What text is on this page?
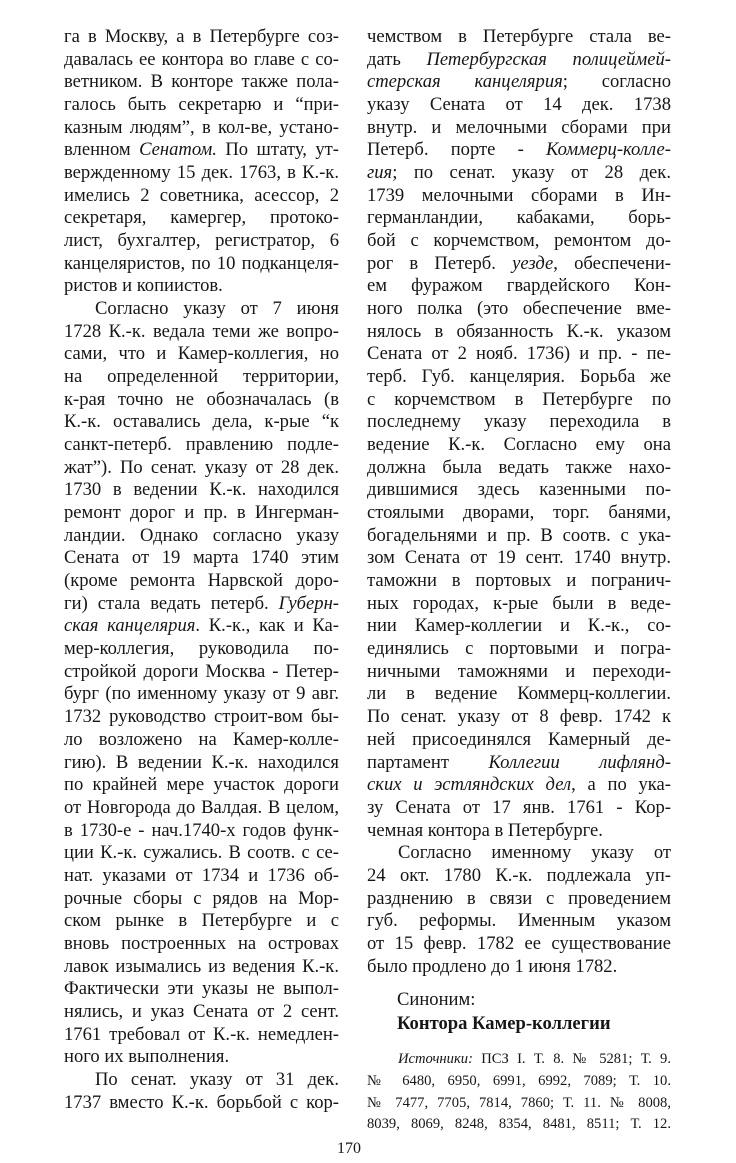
га в Москву, а в Петербурге соз-
давалась ее контора во главе с со-
ветником. В конторе также пола-
галось быть секретарю и “при-
казным людям”, в кол-ве, устано-
вленном Сенатом. По штату, ут-
вержденному 15 дек. 1763, в К.-к.
имелись 2 советника, асессор, 2
секретаря, камергер, протоко-
лист, бухгалтер, регистратор, 6
канцеляристов, по 10 подканцеля-
ристов и копиистов.
Согласно указу от 7 июня
1728 К.-к. ведала теми же вопро-
сами, что и Камер-коллегия, но
на определенной территории,
к-рая точно не обозначалась (в
К.-к. оставались дела, к-рые “к
санкт-петерб. правлению подле-
жат”). По сенат. указу от 28 дек.
1730 в ведении К.-к. находился
ремонт дорог и пр. в Ингерман-
ландии. Однако согласно указу
Сената от 19 марта 1740 этим
(кроме ремонта Нарвской доро-
ги) стала ведать петерб. Губерн-
ская канцелярия. К.-к., как и Ка-
мер-коллегия, руководила по-
стройкой дороги Москва - Петер-
бург (по именному указу от 9 авг.
1732 руководство строит-вом бы-
ло возложено на Камер-колле-
гию). В ведении К.-к. находился
по крайней мере участок дороги
от Новгорода до Валдая. В целом,
в 1730-е - нач.1740-х годов функ-
ции К.-к. сужались. В соотв. с се-
нат. указами от 1734 и 1736 об-
рочные сборы с рядов на Мор-
ском рынке в Петербурге и с
вновь построенных на островах
лавок изымались из ведения К.-к.
Фактически эти указы не выпол-
нялись, и указ Сената от 2 сент.
1761 требовал от К.-к. немедлен-
ного их выполнения.
По сенат. указу от 31 дек.
1737 вместо К.-к. борьбой с кор-
чемством в Петербурге стала ве-
дать Петербургская полицеймей-
стерская канцелярия; согласно
указу Сената от 14 дек. 1738
внутр. и мелочными сборами при
Петерб. порте - Коммерц-колле-
гия; по сенат. указу от 28 дек.
1739 мелочными сборами в Ин-
германландии, кабаками, борь-
бой с корчемством, ремонтом до-
рог в Петерб. уезде, обеспечени-
ем фуражом гвардейского Кон-
ного полка (это обеспечение вме-
нялось в обязанность К.-к. указом
Сената от 2 нояб. 1736) и пр. - пе-
терб. Губ. канцелярия. Борьба же
с корчемством в Петербурге по
последнему указу переходила в
ведение К.-к. Согласно ему она
должна была ведать также нахо-
дившимися здесь казенными по-
стоялыми дворами, торг. банями,
богадельнями и пр. В соотв. с ука-
зом Сената от 19 сент. 1740 внутр.
таможни в портовых и погранич-
ных городах, к-рые были в веде-
нии Камер-коллегии и К.-к., со-
единялись с портовыми и погра-
ничными таможнями и переходи-
ли в ведение Коммерц-коллегии.
По сенат. указу от 8 февр. 1742 к
ней присоединялся Камерный де-
партамент Коллегии лифлянд-
ских и эстляндских дел, а по ука-
зу Сената от 17 янв. 1761 - Кор-
чемная контора в Петербурге.
Согласно именному указу от
24 окт. 1780 К.-к. подлежала уп-
разднению в связи с проведением
губ. реформы. Именным указом
от 15 февр. 1782 ее существование
было продлено до 1 июня 1782.
Синоним:
Контора Камер-коллегии
Источники: ПСЗ I. Т. 8. № 5281; Т. 9.
№ 6480, 6950, 6991, 6992, 7089; Т. 10.
№ 7477, 7705, 7814, 7860; Т. 11. № 8008,
8039, 8069, 8248, 8354, 8481, 8511; Т. 12.
170
